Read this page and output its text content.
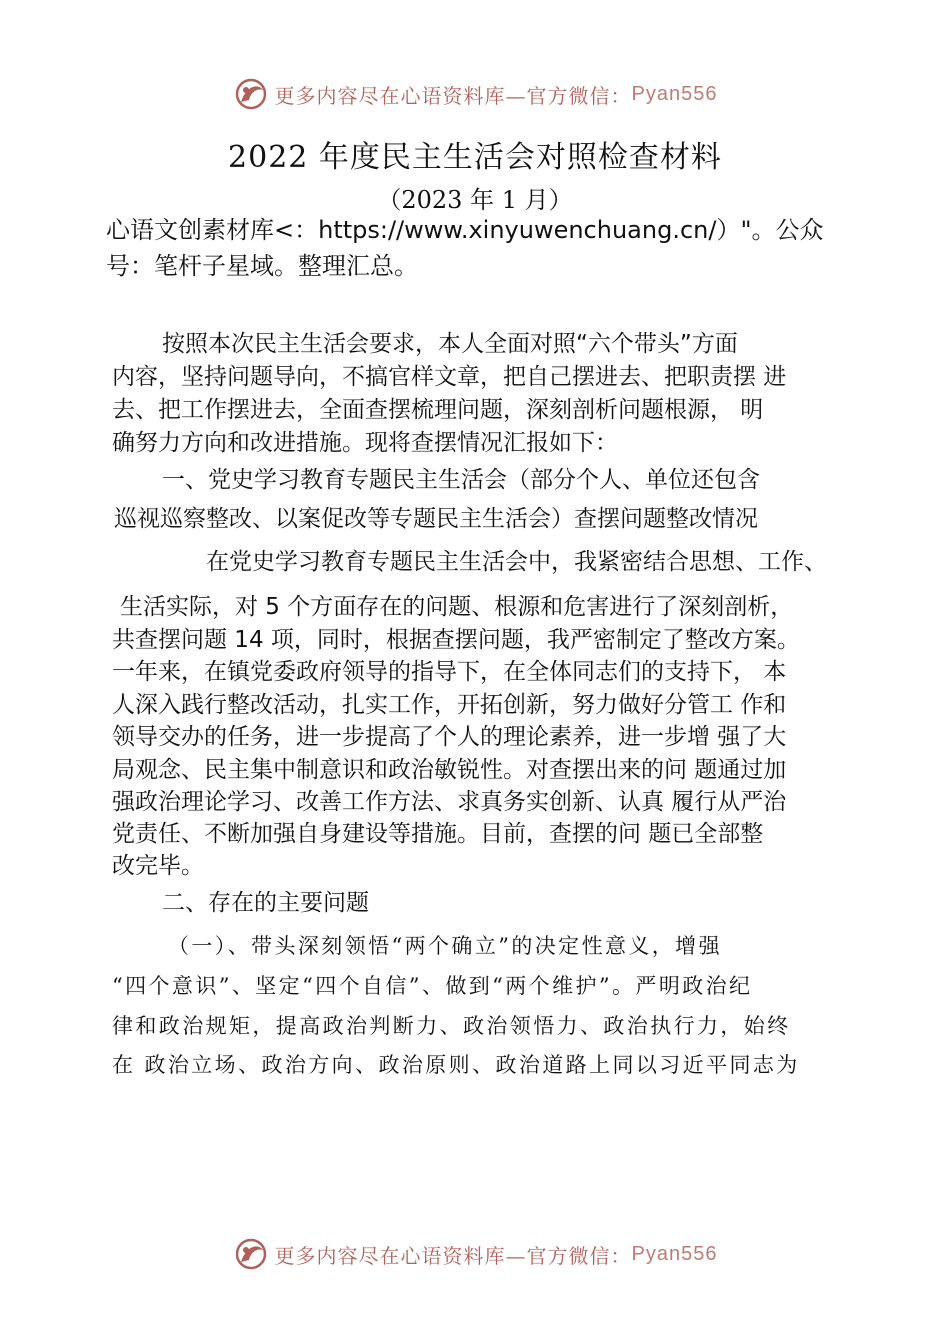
更多内容尽在心语资料库—官方微信： Pyan556
2022 年度民主生活会对照检查材料
（2023 年 1 月）
心语文创素材库<：https://www.xinyuwenchuang.cn/）"。公众
号：笔杆子星域。整理汇总。
按照本次民主生活会要求，本人全面对照“六个带头”方面
内容，坚持问题导向，不搞官样文章，把自己摆进去、把职责摆 进
去、把工作摆进去，全面查摆梳理问题，深刻剖析问题根源， 明
确努力方向和改进措施。现将查摆情况汇报如下：
一、党史学习教育专题民主生活会（部分个人、单位还包含
巡视巡察整改、以案促改等专题民主生活会）查摆问题整改情况
在党史学习教育专题民主生活会中，我紧密结合思想、工作、
生活实际，对 5 个方面存在的问题、根源和危害进行了深刻剖析，
共查摆问题 14 项，同时，根据查摆问题，我严密制定了整改方案。
一年来，在镇党委政府领导的指导下，在全体同志们的支持下， 本
人深入践行整改活动，扎实工作，开拓创新，努力做好分管工 作和
领导交办的任务，进一步提高了个人的理论素养，进一步增 强了大
局观念、民主集中制意识和政治敏锐性。对查摆出来的问 题通过加
强政治理论学习、改善工作方法、求真务实创新、认真 履行从严治
党责任、不断加强自身建设等措施。目前，查摆的问 题已全部整
改完毕。
二、存在的主要问题
（一）、带头深刻领悟“两个确立”的决定性意义，增强
“四个意识”、坚定“四个自信”、做到“两个维护”。严明政治纪
律和政治规矩，提高政治判断力、政治领悟力、政治执行力，始终
在 政治立场、政治方向、政治原则、政治道路上同以习近平同志为
更多内容尽在心语资料库—官方微信： Pyan556
